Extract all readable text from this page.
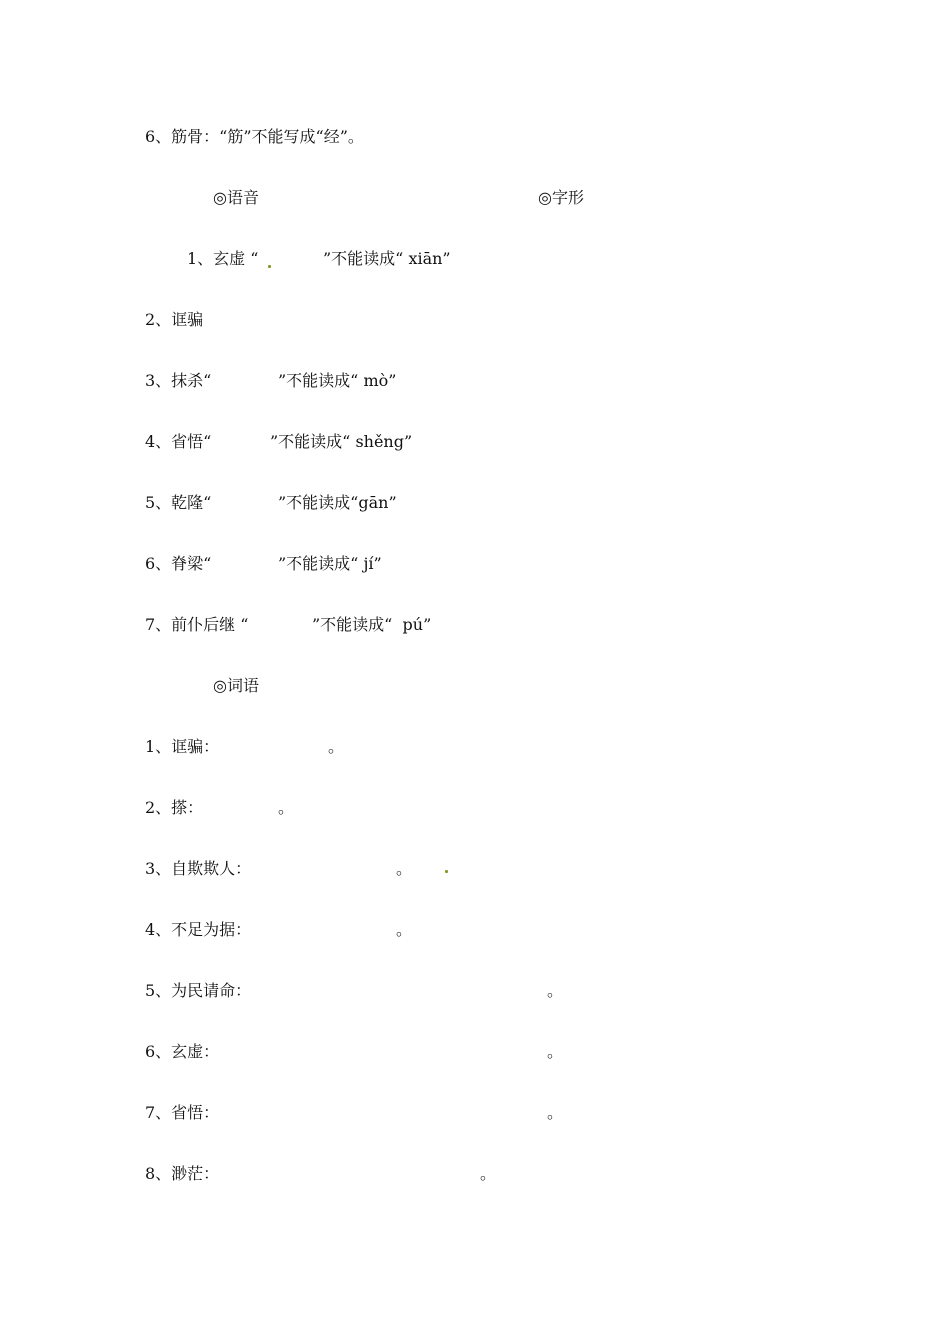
6、筋骨：“筋”不能写成“经”。

◎语音

	◎字形

1、玄虚 “

	”不能读成“ xiān”

2、诓骗

3、抹杀“

	”不能读成“ mò”

4、省悟“

	”不能读成“ shěng”

5、乾隆“

	”不能读成“gān”

6、脊梁“

	”不能读成“ jí”

7、前仆后继 “

	”不能读成“  pú”

◎词语

1、诓骗：

	。

2、搽：

	。

3、自欺欺人：

	。

4、不足为据：

	。

5、为民请命：

	。

6、玄虚：

	。

7、省悟：

	。

8、渺茫：

	。
